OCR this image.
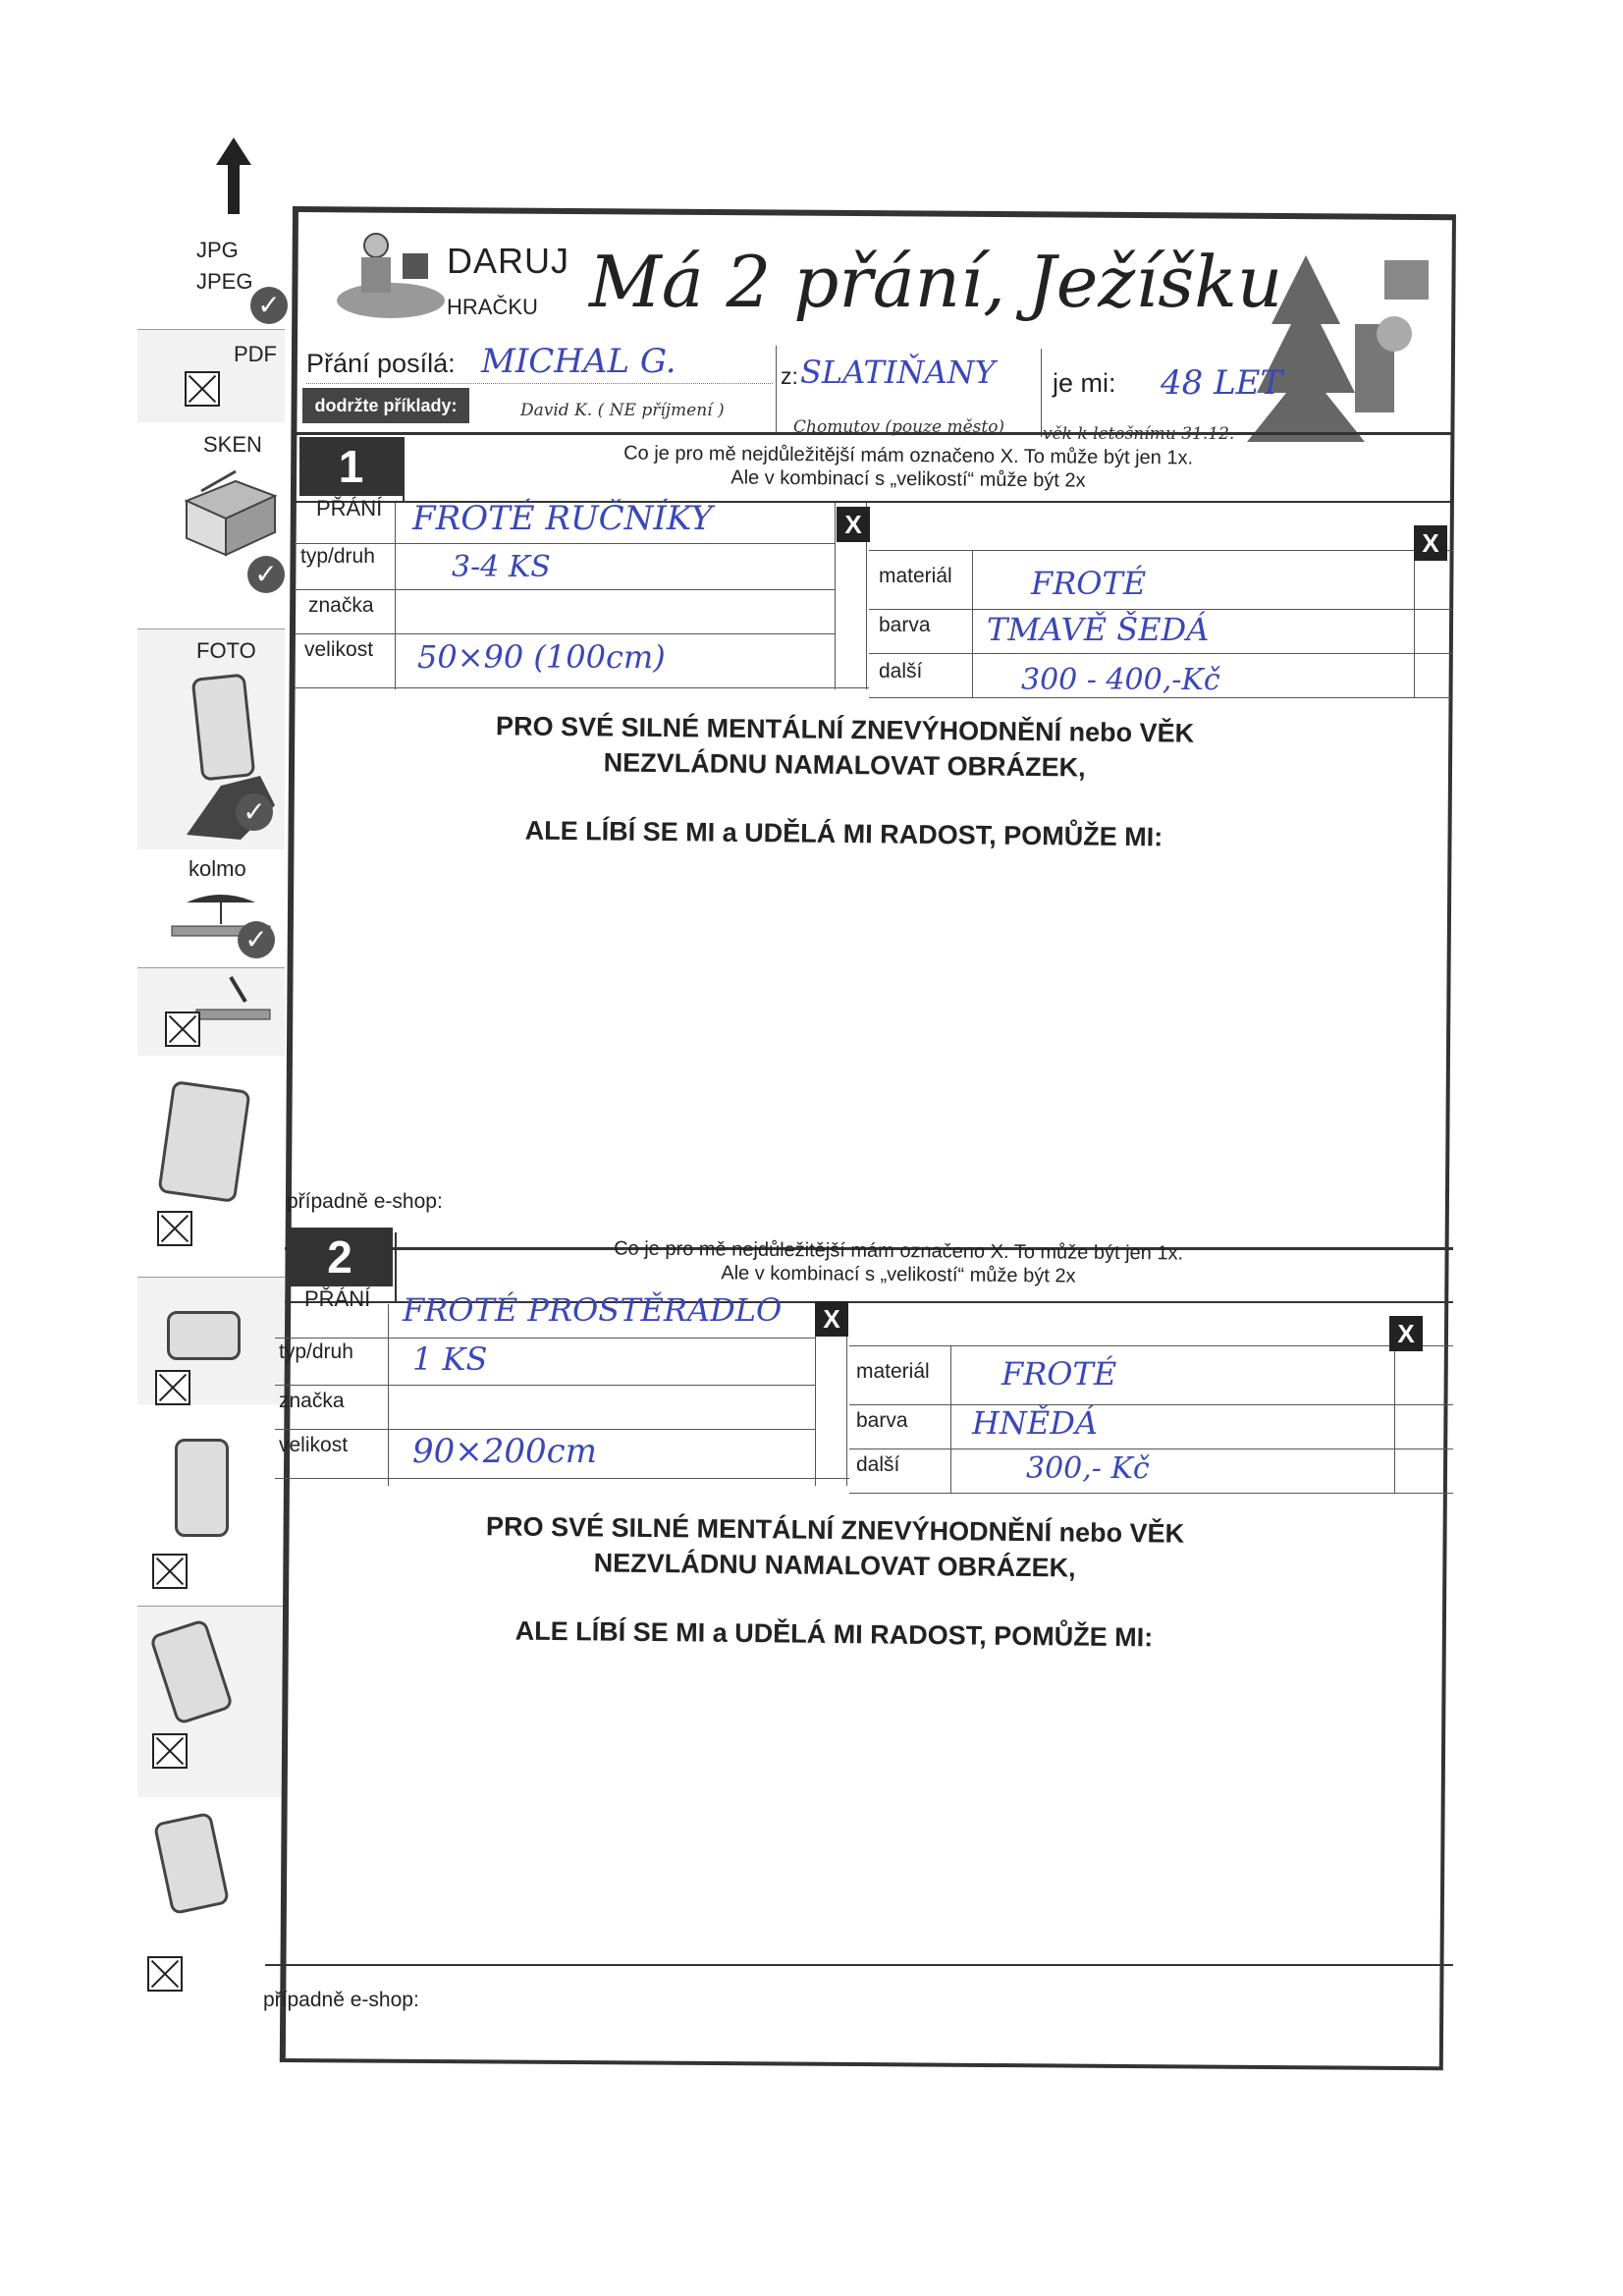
JPG
JPEG
✓
PDF
SKEN
✓
FOTO
✓
kolmo
✓
DARUJ
HRAČKU Má 2 přání, Ježíšku
Přání posílá: MICHAL G.	z: SLATIŇANY je mi: 48 LET
dodržte příklady:	David K. ( NE příjmení )
Chomutov (pouze město) věk k letošnímu 31.12.
1	Co je pro mě nejdůležitější mám označeno X. To může být jen 1x.
Ale v kombinací s „velikostí“ může být 2x
PŘÁNÍ FROTÉ RUČNÍKY
typ/druh	3-4 KS
značka
velikost 50×90 (100cm)
X
materiál	FROTÉ
barva TMAVĚ ŠEDÁ
další	300 - 400,-Kč
X
PRO SVÉ SILNÉ MENTÁLNÍ ZNEVÝHODNĚNÍ nebo VĚK
NEZVLÁDNU NAMALOVAT OBRÁZEK,
ALE LÍBÍ SE MI a UDĚLÁ MI RADOST, POMŮŽE MI:
případně e-shop:
2	Co je pro mě nejdůležitější mám označeno X. To může být jen 1x.
Ale v kombinací s „velikostí“ může být 2x
PŘÁNÍ FROTÉ PROSTĚRADLO
typ/druh 1 KS
značka
velikost 90×200cm
X
materiál FROTÉ
barva HNĚDÁ
další	300,- Kč
X
PRO SVÉ SILNÉ MENTÁLNÍ ZNEVÝHODNĚNÍ nebo VĚK
NEZVLÁDNU NAMALOVAT OBRÁZEK,
ALE LÍBÍ SE MI a UDĚLÁ MI RADOST, POMŮŽE MI:
případně e-shop:
